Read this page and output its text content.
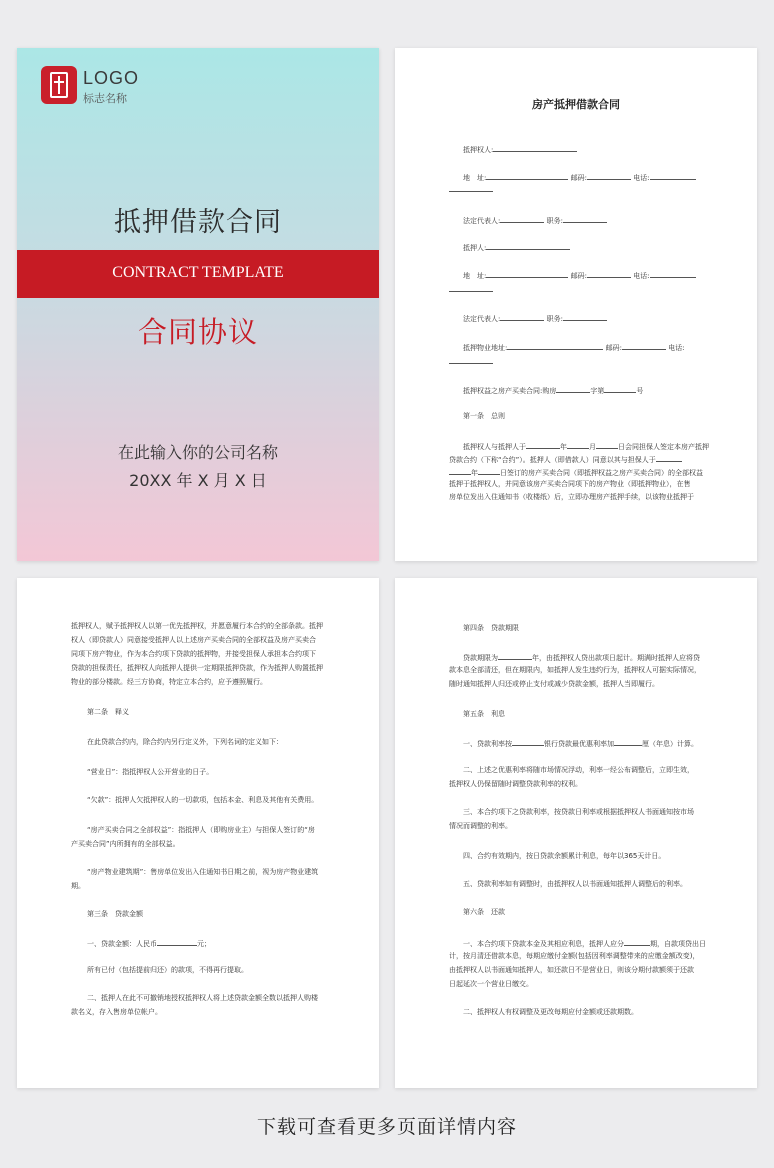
LOGO
标志名称
抵押借款合同
CONTRACT TEMPLATE
合同协议
在此输入你的公司名称
20XX 年 X 月 X 日
房产抵押借款合同
抵押权人:
地　址:	邮码:	电话:
法定代表人:	职务:
抵押人:
地　址:	邮码:	电话:
法定代表人:	职务:
抵押物业地址:	邮码:	电话:
抵押权益之房产买卖合同:购房	字第	号
第一条　总则
抵押权人与抵押人于	年	月	日会同担保人签定本房产抵押
贷款合约（下称“合约”）。抵押人（即借款人）同意以其与担保人于
年	日签订的房产买卖合同（即抵押权益之房产买卖合同）的全部权益
抵押于抵押权人，并同意该房产买卖合同项下的房产物业（即抵押物业），在售
房单位发出入住通知书（收楼纸）后，立即办理房产抵押手续，以该物业抵押于
抵押权人，赋予抵押权人以第一优先抵押权，并愿意履行本合约的全部条款。抵押
权人（即贷款人）同意接受抵押人以上述房产买卖合同的全部权益及房产买卖合
同项下房产物业，作为本合约项下贷款的抵押物，并接受担保人承担本合约项下
贷款的担保责任，抵押权人向抵押人提供一定期限抵押贷款，作为抵押人购置抵押
物业的部分楼款。经三方协商，特定立本合约，应予遵照履行。
第二条　释义
在此贷款合约内，除合约内另行定义外，下列名词的定义如下：
“营业日”：指抵押权人公开营业的日子。
“欠款”：抵押人欠抵押权人的一切款项，包括本金、利息及其他有关费用。
“房产买卖合同之全部权益”：指抵押人（即购房业主）与担保人签订的“房
产买卖合同”内所拥有的全部权益。
“房产物业建筑期”：售房单位发出入住通知书日期之前，视为房产物业建筑
期。
第三条　贷款金额
一、贷款金额：人民币	元；
所有已付（包括提前归还）的款项，不得再行提取。
二、抵押人在此不可撤销地授权抵押权人将上述贷款金额全数以抵押人购楼
款名义，存入售房单位帐户。
第四条　贷款期限
贷款期限为	年，由抵押权人贷出款项日起计。期满时抵押人应将贷
款本息全部清还，但在期限内，如抵押人发生违约行为，抵押权人可据实际情况，
随时通知抵押人归还或停止支付或减少贷款金额，抵押人当即履行。
第五条　利息
一、贷款利率按	银行贷款最优惠利率加	厘（年息）计算。
二、上述之优惠利率将随市场情况浮动，利率一经公布调整后，立即生效，
抵押权人仍保留随时调整贷款利率的权利。
三、本合约项下之贷款利率，按贷款日利率或根据抵押权人书面通知按市场
情况而调整的利率。
四、合约有效期内，按日贷款余额累计利息，每年以365天计日。
五、贷款利率如有调整时，由抵押权人以书面通知抵押人调整后的利率。
第六条　还款
一、本合约项下贷款本金及其相应利息，抵押人应分	期，自款项贷出日
计，按月清还借款本息，每期应缴付金额(包括因利率调整带来的应缴金额改变)，
由抵押权人以书面通知抵押人，如还款日不是营业日，则该分期付款额须于还款
日起延次一个营业日缴交。
二、抵押权人有权调整及更改每期应付金额或还款期数。
下载可查看更多页面详情内容
